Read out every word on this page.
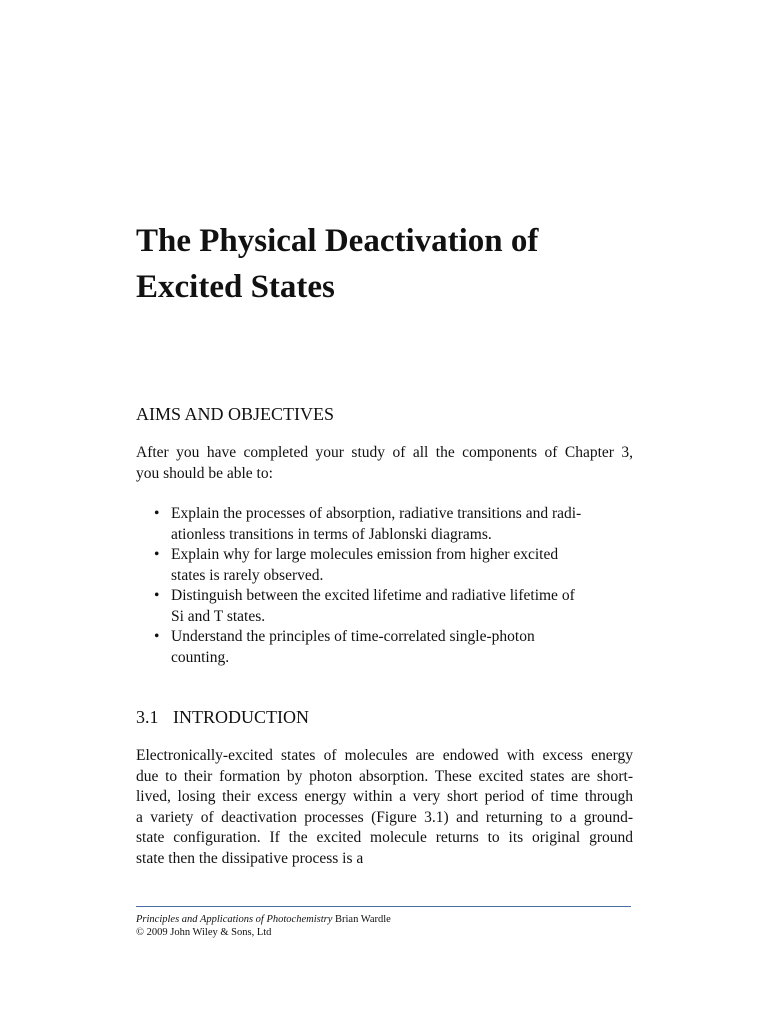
The Physical Deactivation of
Excited States
AIMS AND OBJECTIVES

After you have completed your study of all the components of Chapter 3,
you should be able to:

• Explain the processes of absorption, radiative transitions and radi-
ationless transitions in terms of Jablonski diagrams.
• Explain why for large molecules emission from higher excited
states is rarely observed.
• Distinguish between the excited lifetime and radiative lifetime of
Si and T states.
• Understand the principles of time-correlated single-photon
counting.
3.1 INTRODUCTION

Electronically-excited states of molecules are endowed with excess energy
due to their formation by photon absorption. These excited states are short-
lived, losing their excess energy within a very short period of time through
a variety of deactivation processes (Figure 3.1) and returning to a ground-
state configuration. If the excited molecule returns to its original ground
state then the dissipative process is a

Principles and Applications of Photochemistry Brian Wardle
© 2009 John Wiley & Sons, Ltd
